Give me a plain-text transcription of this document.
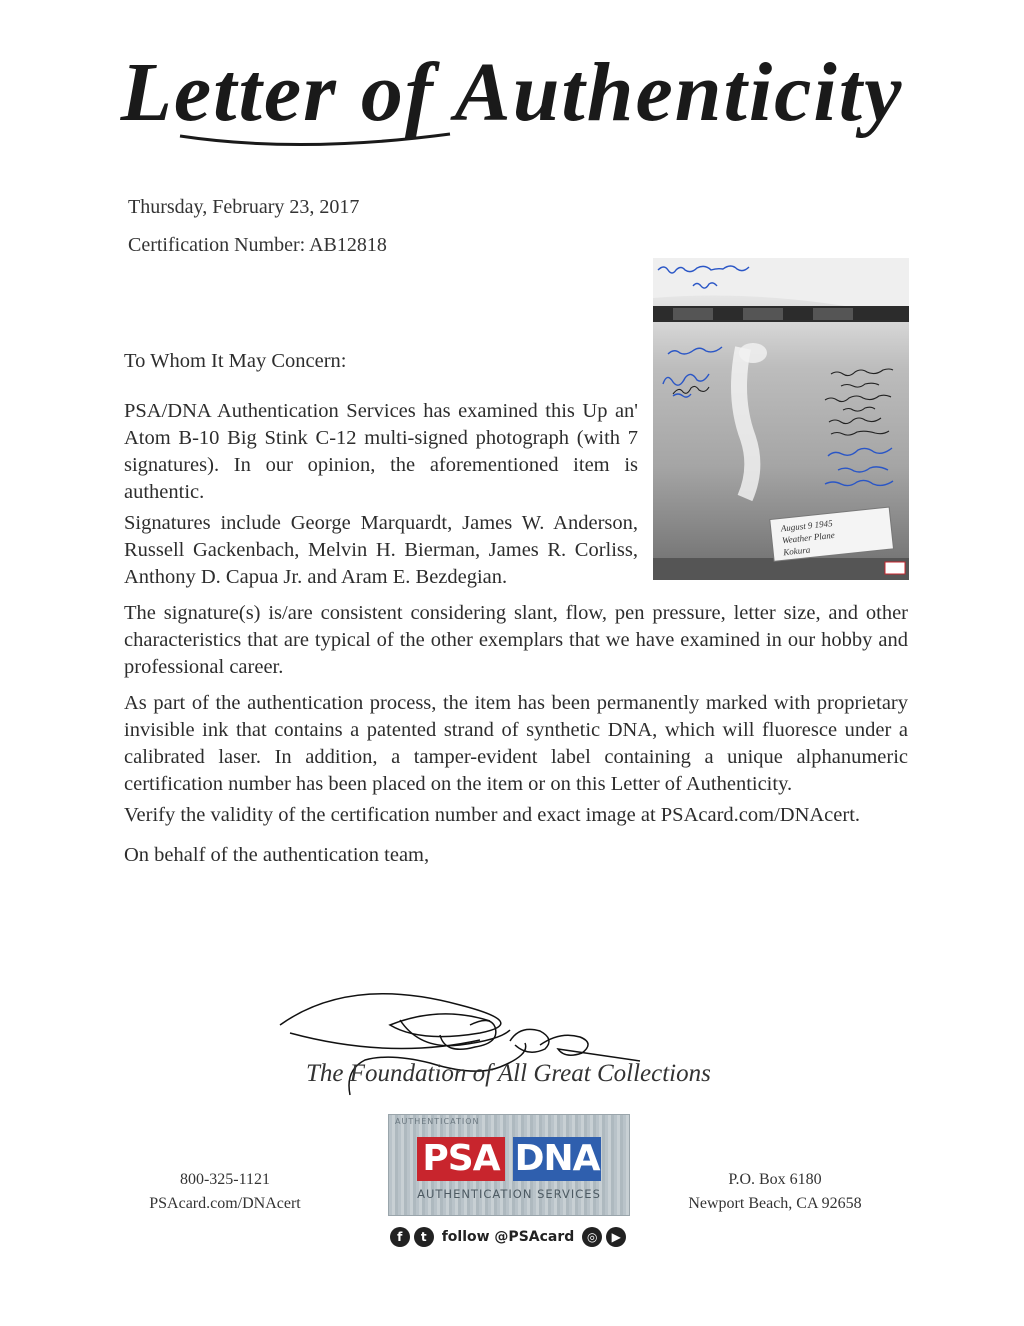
Letter of Authenticity
Thursday, February 23, 2017
Certification Number: AB12818

To Whom It May Concern:

PSA/DNA Authentication Services has examined this Up an' Atom B-10 Big Stink C-12 multi-signed photograph (with 7 signatures). In our opinion, the aforementioned item is authentic.

Signatures include George Marquardt, James W. Anderson, Russell Gackenbach, Melvin H. Bierman, James R. Corliss, Anthony D. Capua Jr. and Aram E. Bezdegian.

August 9 1945
Weather Plane
Kokura

The signature(s) is/are consistent considering slant, flow, pen pressure, letter size, and other characteristics that are typical of the other exemplars that we have examined in our hobby and professional career.

As part of the authentication process, the item has been permanently marked with proprietary invisible ink that contains a patented strand of synthetic DNA, which will fluoresce under a calibrated laser. In addition, a tamper-evident label containing a unique alphanumeric certification number has been placed on the item or on this Letter of Authenticity.

Verify the validity of the certification number and exact image at PSAcard.com/DNAcert.

On behalf of the authentication team,

The Foundation of All Great Collections
800-325-1121
PSAcard.com/DNAcert
AUTHENTICATION
PSA DNA
AUTHENTICATION SERVICES
f	t	follow @PSAcard	◎	▶
P.O. Box 6180
Newport Beach, CA 92658
